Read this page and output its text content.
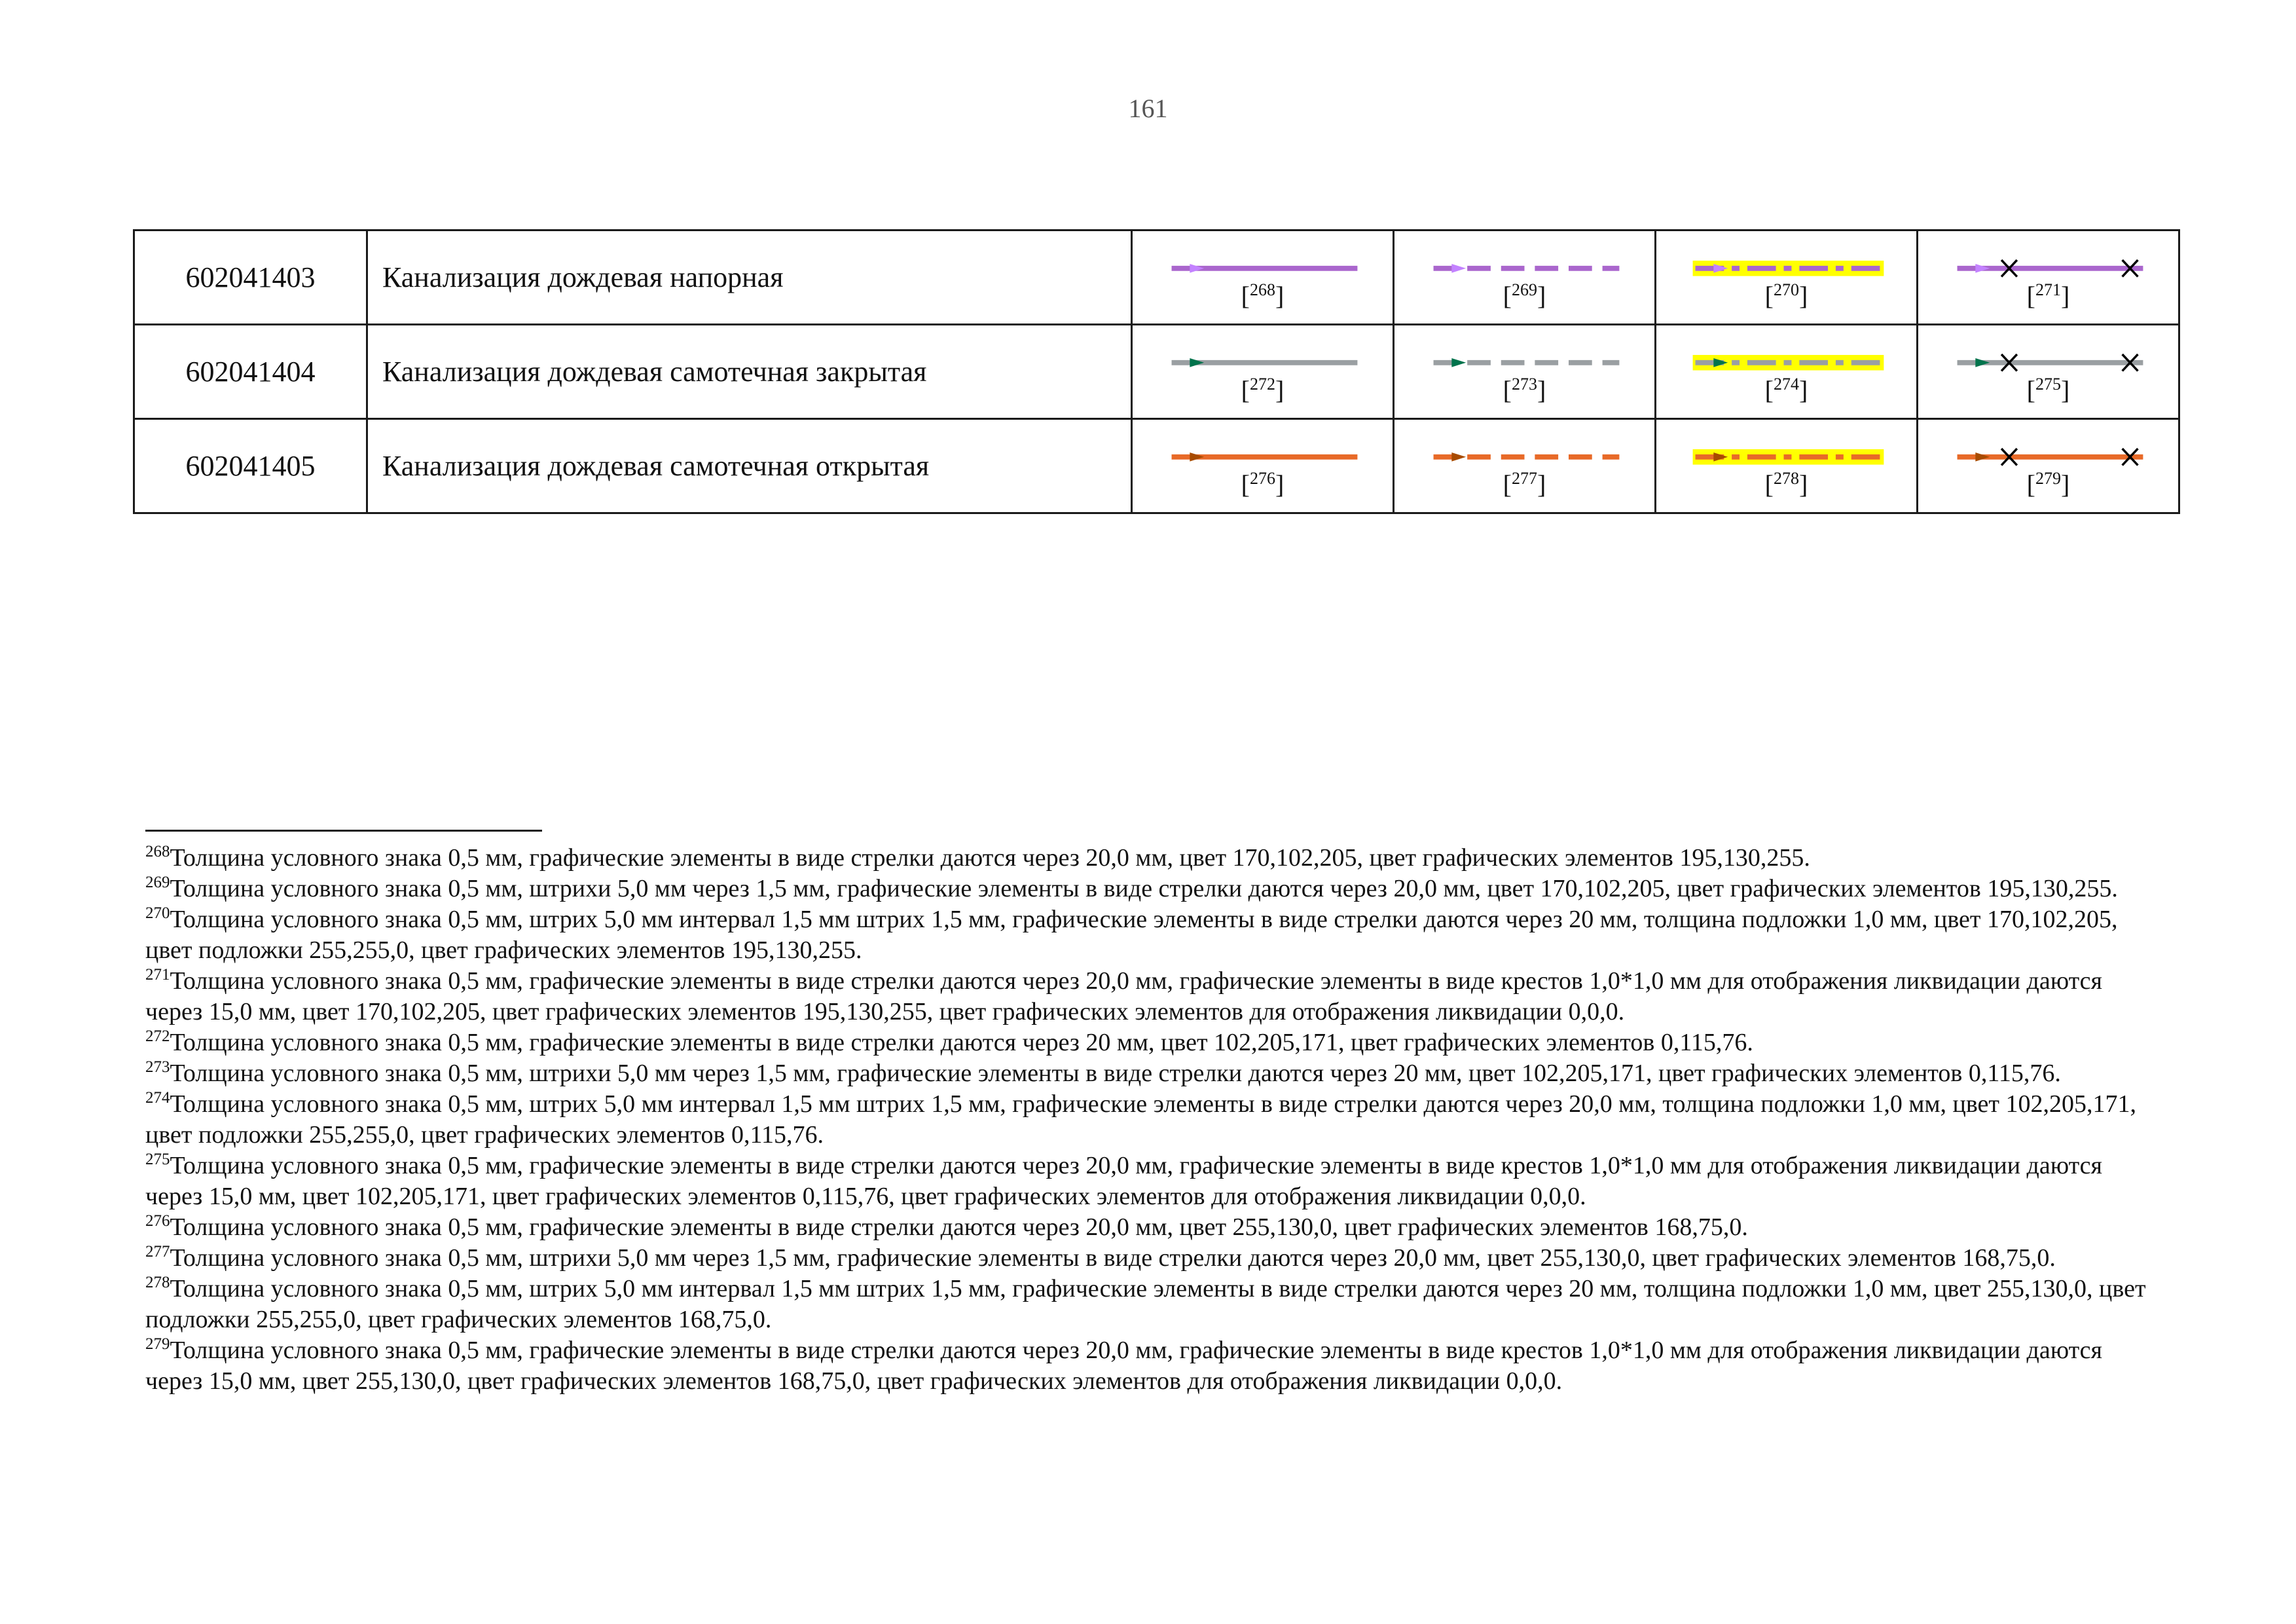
161
602041403	Канализация дождевая напорная	[$^{268}$]	[$^{269}$]	[$^{270}$]	[$^{271}$]

602041404	Канализация дождевая самотечная закрытая	[$^{272}$]	[$^{273}$]	[$^{274}$]	[$^{275}$]

602041405	Канализация дождевая самотечная открытая	[$^{276}$]	[$^{277}$]	[$^{278}$]	[$^{279}$]

$^{268}$Толщина условного знака 0,5 мм, графические элементы в виде стрелки даются через 20,0 мм, цвет 170,102,205, цвет графических элементов 195,130,255.

$^{269}$Толщина условного знака 0,5 мм, штрихи 5,0 мм через 1,5 мм, графические элементы в виде стрелки даются через 20,0 мм, цвет 170,102,205, цвет графических элементов 195,130,255.

$^{270}$Толщина условного знака 0,5 мм, штрих 5,0 мм интервал 1,5 мм штрих 1,5 мм, графические элементы в виде стрелки даются через 20 мм, толщина подложки 1,0 мм, цвет 170,102,205, цвет подложки 255,255,0, цвет графических элементов 195,130,255.

$^{271}$Толщина условного знака 0,5 мм, графические элементы в виде стрелки даются через 20,0 мм, графические элементы в виде крестов 1,0*1,0 мм для отображения ликвидации даются через 15,0 мм, цвет 170,102,205, цвет графических элементов 195,130,255, цвет графических элементов для отображения ликвидации 0,0,0.

$^{272}$Толщина условного знака 0,5 мм, графические элементы в виде стрелки даются через 20 мм, цвет 102,205,171, цвет графических элементов 0,115,76.

$^{273}$Толщина условного знака 0,5 мм, штрихи 5,0 мм через 1,5 мм, графические элементы в виде стрелки даются через 20 мм, цвет 102,205,171, цвет графических элементов 0,115,76.

$^{274}$Толщина условного знака 0,5 мм, штрих 5,0 мм интервал 1,5 мм штрих 1,5 мм, графические элементы в виде стрелки даются через 20,0 мм, толщина подложки 1,0 мм, цвет 102,205,171, цвет подложки 255,255,0, цвет графических элементов 0,115,76.

$^{275}$Толщина условного знака 0,5 мм, графические элементы в виде стрелки даются через 20,0 мм, графические элементы в виде крестов 1,0*1,0 мм для отображения ликвидации даются через 15,0 мм, цвет 102,205,171, цвет графических элементов 0,115,76, цвет графических элементов для отображения ликвидации 0,0,0.

$^{276}$Толщина условного знака 0,5 мм, графические элементы в виде стрелки даются через 20,0 мм, цвет 255,130,0, цвет графических элементов 168,75,0.

$^{277}$Толщина условного знака 0,5 мм, штрихи 5,0 мм через 1,5 мм, графические элементы в виде стрелки даются через 20,0 мм, цвет 255,130,0, цвет графических элементов 168,75,0.

$^{278}$Толщина условного знака 0,5 мм, штрих 5,0 мм интервал 1,5 мм штрих 1,5 мм, графические элементы в виде стрелки даются через 20 мм, толщина подложки 1,0 мм, цвет 255,130,0, цвет подложки 255,255,0, цвет графических элементов 168,75,0.

$^{279}$Толщина условного знака 0,5 мм, графические элементы в виде стрелки даются через 20,0 мм, графические элементы в виде крестов 1,0*1,0 мм для отображения ликвидации даются через 15,0 мм, цвет 255,130,0, цвет графических элементов 168,75,0, цвет графических элементов для отображения ликвидации 0,0,0.
